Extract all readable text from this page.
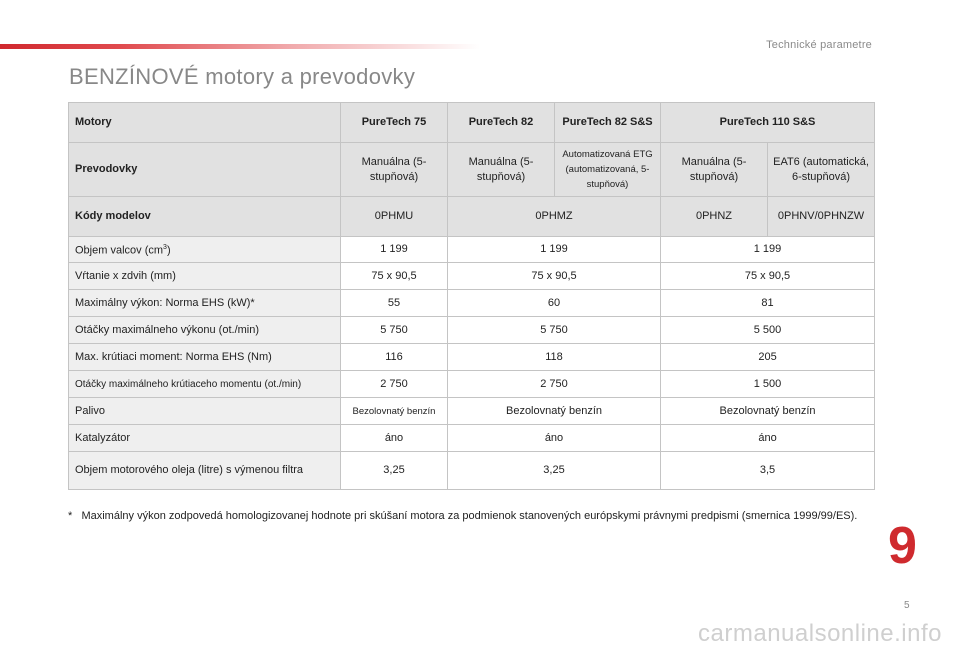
Technické parametre
BENZÍNOVÉ motory a prevodovky
Motory	PureTech 75	PureTech 82	PureTech 82 S&S	PureTech 110 S&S	
Prevodovky	Manuálna (5-stupňová)	Manuálna (5-stupňová)	Automatizovaná ETG (automatizovaná, 5-stupňová)	Manuálna (5-stupňová)	EAT6 (automatická, 6-stupňová)
Kódy modelov	0PHMU	0PHMZ		0PHNZ	0PHNV/0PHNZW
Objem valcov $(cm^3)$	1 199	1 199		1 199	
Vŕtanie x zdvih (mm)	75 x 90,5	75 x 90,5		75 x 90,5	
Maximálny výkon: Norma EHS (kW)*	55	60		81	
Otáčky maximálneho výkonu (ot./min)	5 750	5 750		5 500	
Max. krútiaci moment: Norma EHS (Nm)	116	118		205	
Otáčky maximálneho krútiaceho momentu (ot./min)	2 750	2 750		1 500	
Palivo	Bezolovnatý benzín	Bezolovnatý benzín		Bezolovnatý benzín	
Katalyzátor	áno	áno		áno	
Objem motorového oleja (litre) s výmenou filtra	3,25	3,25		3,5	
* Maximálny výkon zodpovedá homologizovanej hodnote pri skúšaní motora za podmienok stanovených európskymi právnymi predpismi (smernica 1999/99/ES).
9
5
carmanualsonline.info
